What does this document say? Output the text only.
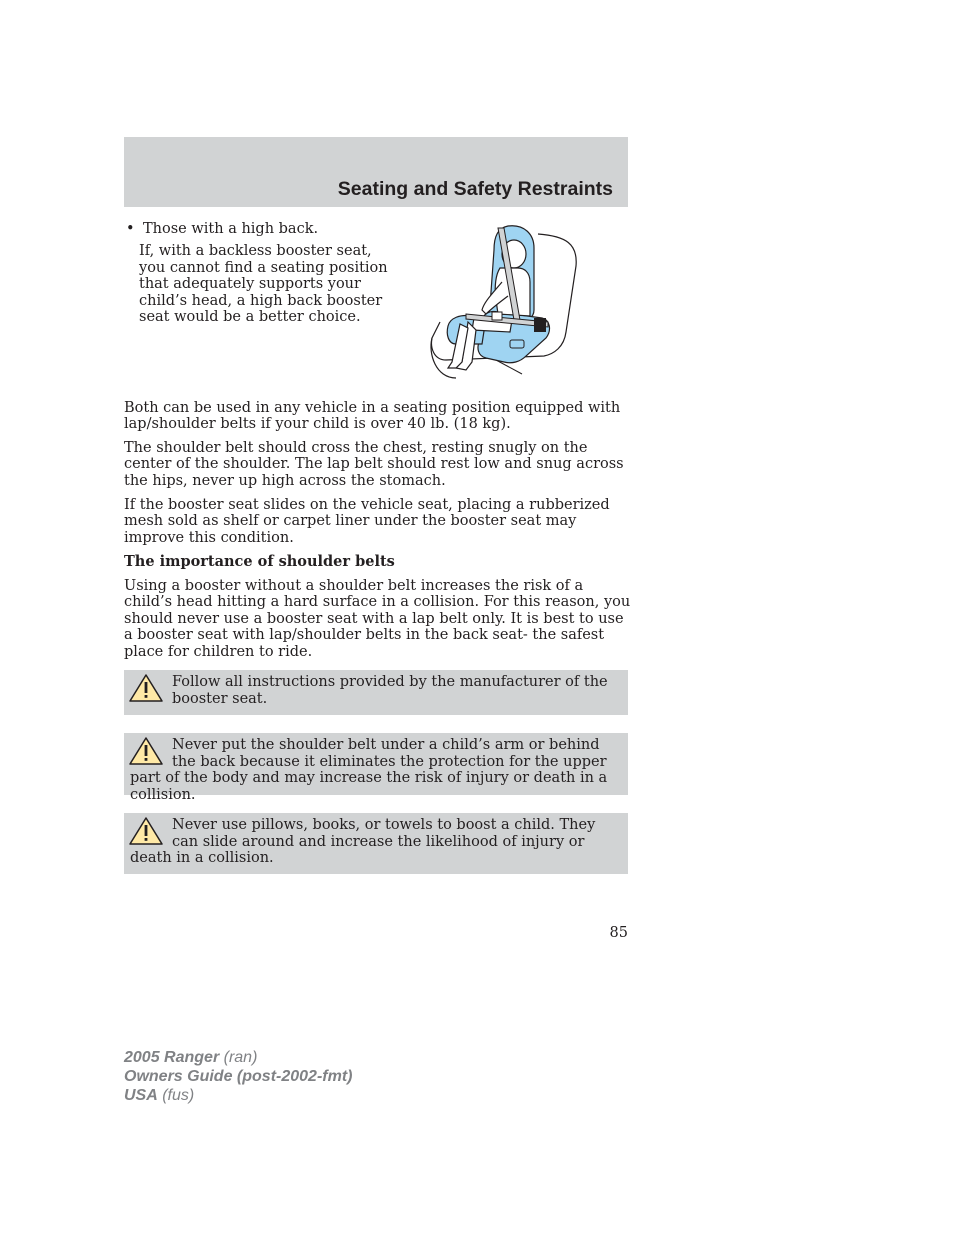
Seating and Safety Restraints
• Those with a high back.

If, with a backless booster seat, you cannot find a seating position that adequately supports your child’s head, a high back booster seat would be a better choice.

Both can be used in any vehicle in a seating position equipped with lap/shoulder belts if your child is over 40 lb. (18 kg).

The shoulder belt should cross the chest, resting snugly on the center of the shoulder. The lap belt should rest low and snug across the hips, never up high across the stomach.

If the booster seat slides on the vehicle seat, placing a rubberized mesh sold as shelf or carpet liner under the booster seat may improve this condition.

The importance of shoulder belts

Using a booster without a shoulder belt increases the risk of a child’s head hitting a hard surface in a collision. For this reason, you should never use a booster seat with a lap belt only. It is best to use a booster seat with lap/shoulder belts in the back seat- the safest place for children to ride.

Follow all instructions provided by the manufacturer of the booster seat.

Never put the shoulder belt under a child’s arm or behind the back because it eliminates the protection for the upper part of the body and may increase the risk of injury or death in a collision.

Never use pillows, books, or towels to boost a child. They can slide around and increase the likelihood of injury or death in a collision.

85
2005 Ranger (ran)
Owners Guide (post-2002-fmt)
USA (fus)
